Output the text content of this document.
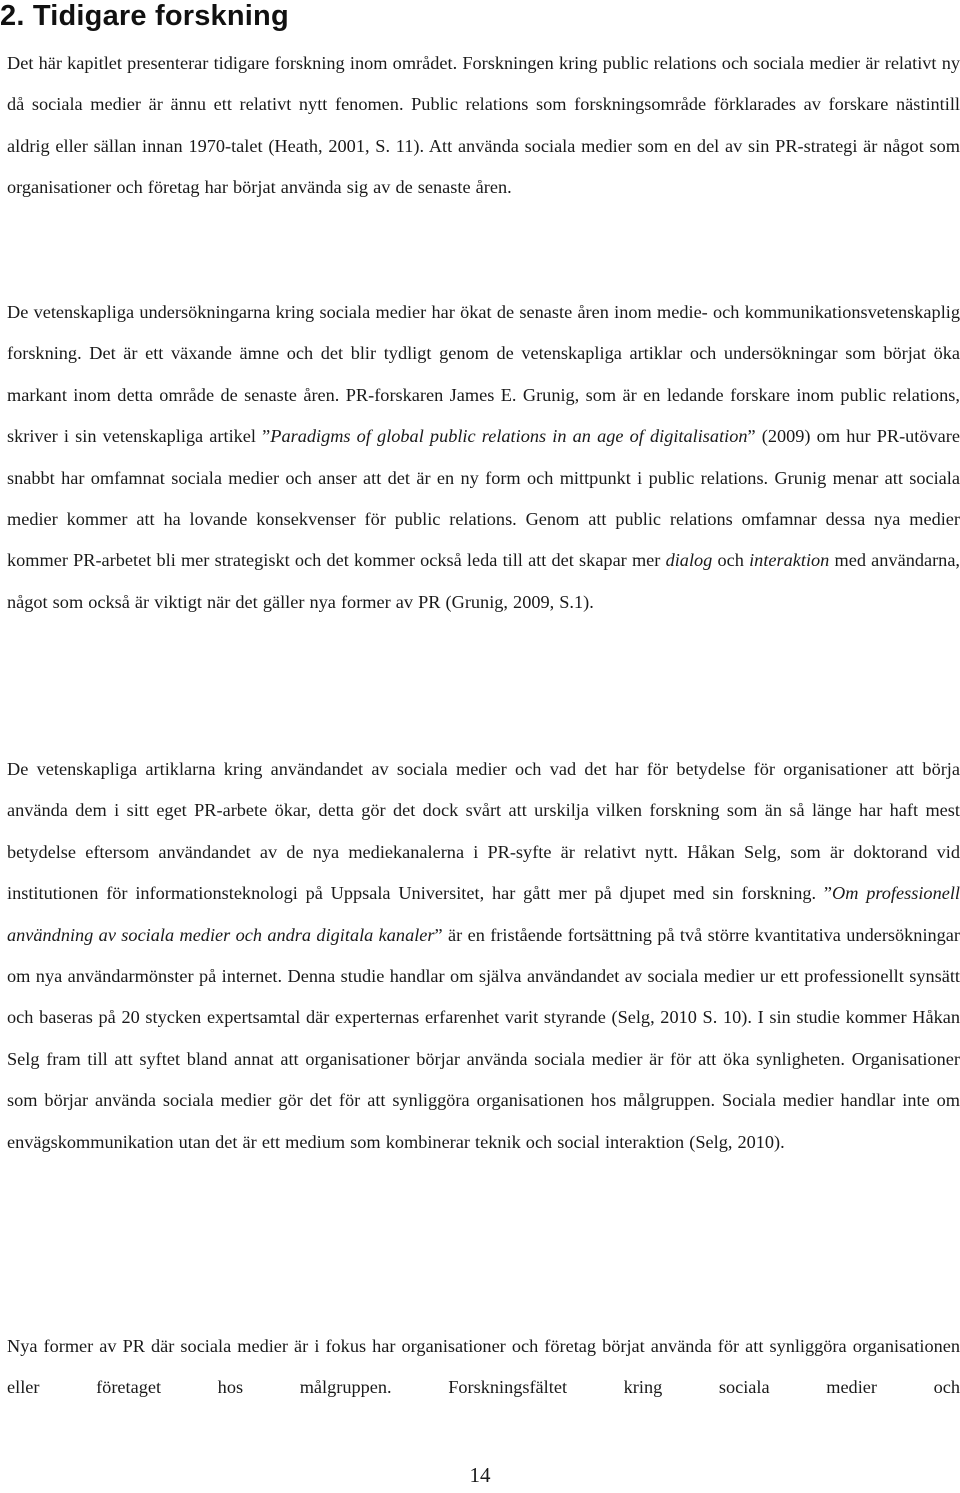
2. Tidigare forskning

Det här kapitlet presenterar tidigare forskning inom området. Forskningen kring public relations och sociala medier är relativt ny då sociala medier är ännu ett relativt nytt fenomen. Public relations som forskningsområde förklarades av forskare nästintill aldrig eller sällan innan 1970-talet (Heath, 2001, S. 11). Att använda sociala medier som en del av sin PR-strategi är något som organisationer och företag har börjat använda sig av de senaste åren.

De vetenskapliga undersökningarna kring sociala medier har ökat de senaste åren inom medie- och kommunikationsvetenskaplig forskning. Det är ett växande ämne och det blir tydligt genom de vetenskapliga artiklar och undersökningar som börjat öka markant inom detta område de senaste åren. PR-forskaren James E. Grunig, som är en ledande forskare inom public relations, skriver i sin vetenskapliga artikel ”Paradigms of global public relations in an age of digitalisation” (2009) om hur PR-utövare snabbt har omfamnat sociala medier och anser att det är en ny form och mittpunkt i public relations. Grunig menar att sociala medier kommer att ha lovande konsekvenser för public relations. Genom att public relations omfamnar dessa nya medier kommer PR-arbetet bli mer strategiskt och det kommer också leda till att det skapar mer dialog och interaktion med användarna, något som också är viktigt när det gäller nya former av PR (Grunig, 2009, S.1).

De vetenskapliga artiklarna kring användandet av sociala medier och vad det har för betydelse för organisationer att börja använda dem i sitt eget PR-arbete ökar, detta gör det dock svårt att urskilja vilken forskning som än så länge har haft mest betydelse eftersom användandet av de nya mediekanalerna i PR-syfte är relativt nytt. Håkan Selg, som är doktorand vid institutionen för informationsteknologi på Uppsala Universitet, har gått mer på djupet med sin forskning. ”Om professionell användning av sociala medier och andra digitala kanaler” är en fristående fortsättning på två större kvantitativa undersökningar om nya användarmönster på internet. Denna studie handlar om själva användandet av sociala medier ur ett professionellt synsätt och baseras på 20 stycken expertsamtal där experternas erfarenhet varit styrande (Selg, 2010 S. 10). I sin studie kommer Håkan Selg fram till att syftet bland annat att organisationer börjar använda sociala medier är för att öka synligheten. Organisationer som börjar använda sociala medier gör det för att synliggöra organisationen hos målgruppen. Sociala medier handlar inte om envägskommunikation utan det är ett medium som kombinerar teknik och social interaktion (Selg, 2010).

Nya former av PR där sociala medier är i fokus har organisationer och företag börjat använda för att synliggöra organisationen eller företaget hos målgruppen. Forskningsfältet kring sociala medier och

14
